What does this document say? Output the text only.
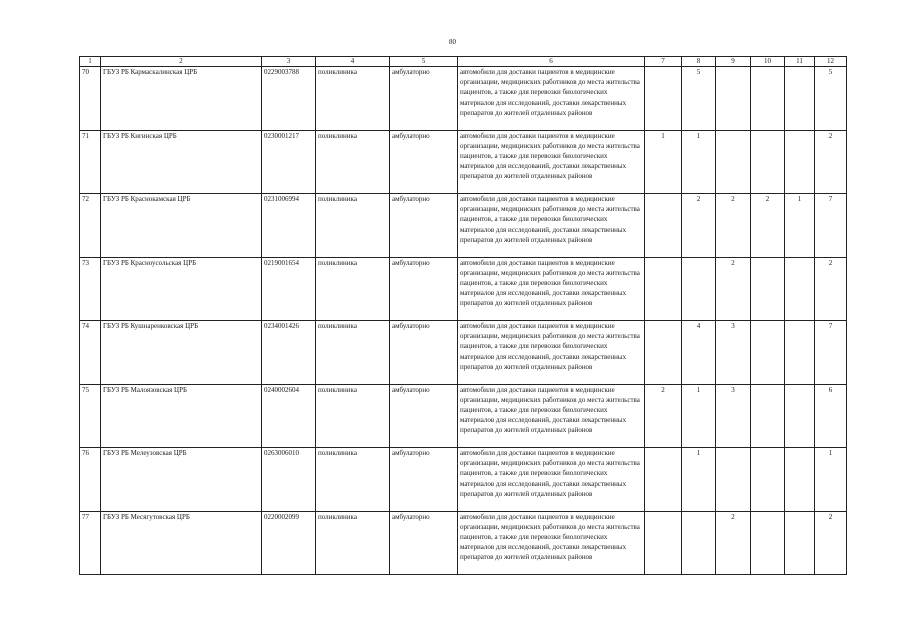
80
1	2	3	4	5	6	7	8	9	10	11	12
70	ГБУЗ РБ Кармаскалинская ЦРБ	0229003788	поликлиника	амбулаторно	автомобили для доставки пациентов в медицинские организации, медицинских работников до места жительства пациентов, а также для перевозки биологических материалов для исследований, доставки лекарственных препаратов до жителей отдаленных районов		5				5
71	ГБУЗ РБ Кигинская ЦРБ	0230001217	поликлиника	амбулаторно	автомобили для доставки пациентов в медицинские организации, медицинских работников до места жительства пациентов, а также для перевозки биологических материалов для исследований, доставки лекарственных препаратов до жителей отдаленных районов	1	1				2
72	ГБУЗ РБ Краснокамская ЦРБ	0231006994	поликлиника	амбулаторно	автомобили для доставки пациентов в медицинские организации, медицинских работников до места жительства пациентов, а также для перевозки биологических материалов для исследований, доставки лекарственных препаратов до жителей отдаленных районов		2	2	2	1	7
73	ГБУЗ РБ Красноусольская ЦРБ	0219001654	поликлиника	амбулаторно	автомобили для доставки пациентов в медицинские организации, медицинских работников до места жительства пациентов, а также для перевозки биологических материалов для исследований, доставки лекарственных препаратов до жителей отдаленных районов			2			2
74	ГБУЗ РБ Кушнаренковская ЦРБ	0234001426	поликлиника	амбулаторно	автомобили для доставки пациентов в медицинские организации, медицинских работников до места жительства пациентов, а также для перевозки биологических материалов для исследований, доставки лекарственных препаратов до жителей отдаленных районов		4	3			7
75	ГБУЗ РБ Малоязовская ЦРБ	0240002604	поликлиника	амбулаторно	автомобили для доставки пациентов в медицинские организации, медицинских работников до места жительства пациентов, а также для перевозки биологических материалов для исследований, доставки лекарственных препаратов до жителей отдаленных районов	2	1	3			6
76	ГБУЗ РБ Мелеузовская ЦРБ	0263006010	поликлиника	амбулаторно	автомобили для доставки пациентов в медицинские организации, медицинских работников до места жительства пациентов, а также для перевозки биологических материалов для исследований, доставки лекарственных препаратов до жителей отдаленных районов		1				1
77	ГБУЗ РБ Месягутовская ЦРБ	0220002099	поликлиника	амбулаторно	автомобили для доставки пациентов в медицинские организации, медицинских работников до места жительства пациентов, а также для перевозки биологических материалов для исследований, доставки лекарственных препаратов до жителей отдаленных районов			2			2
